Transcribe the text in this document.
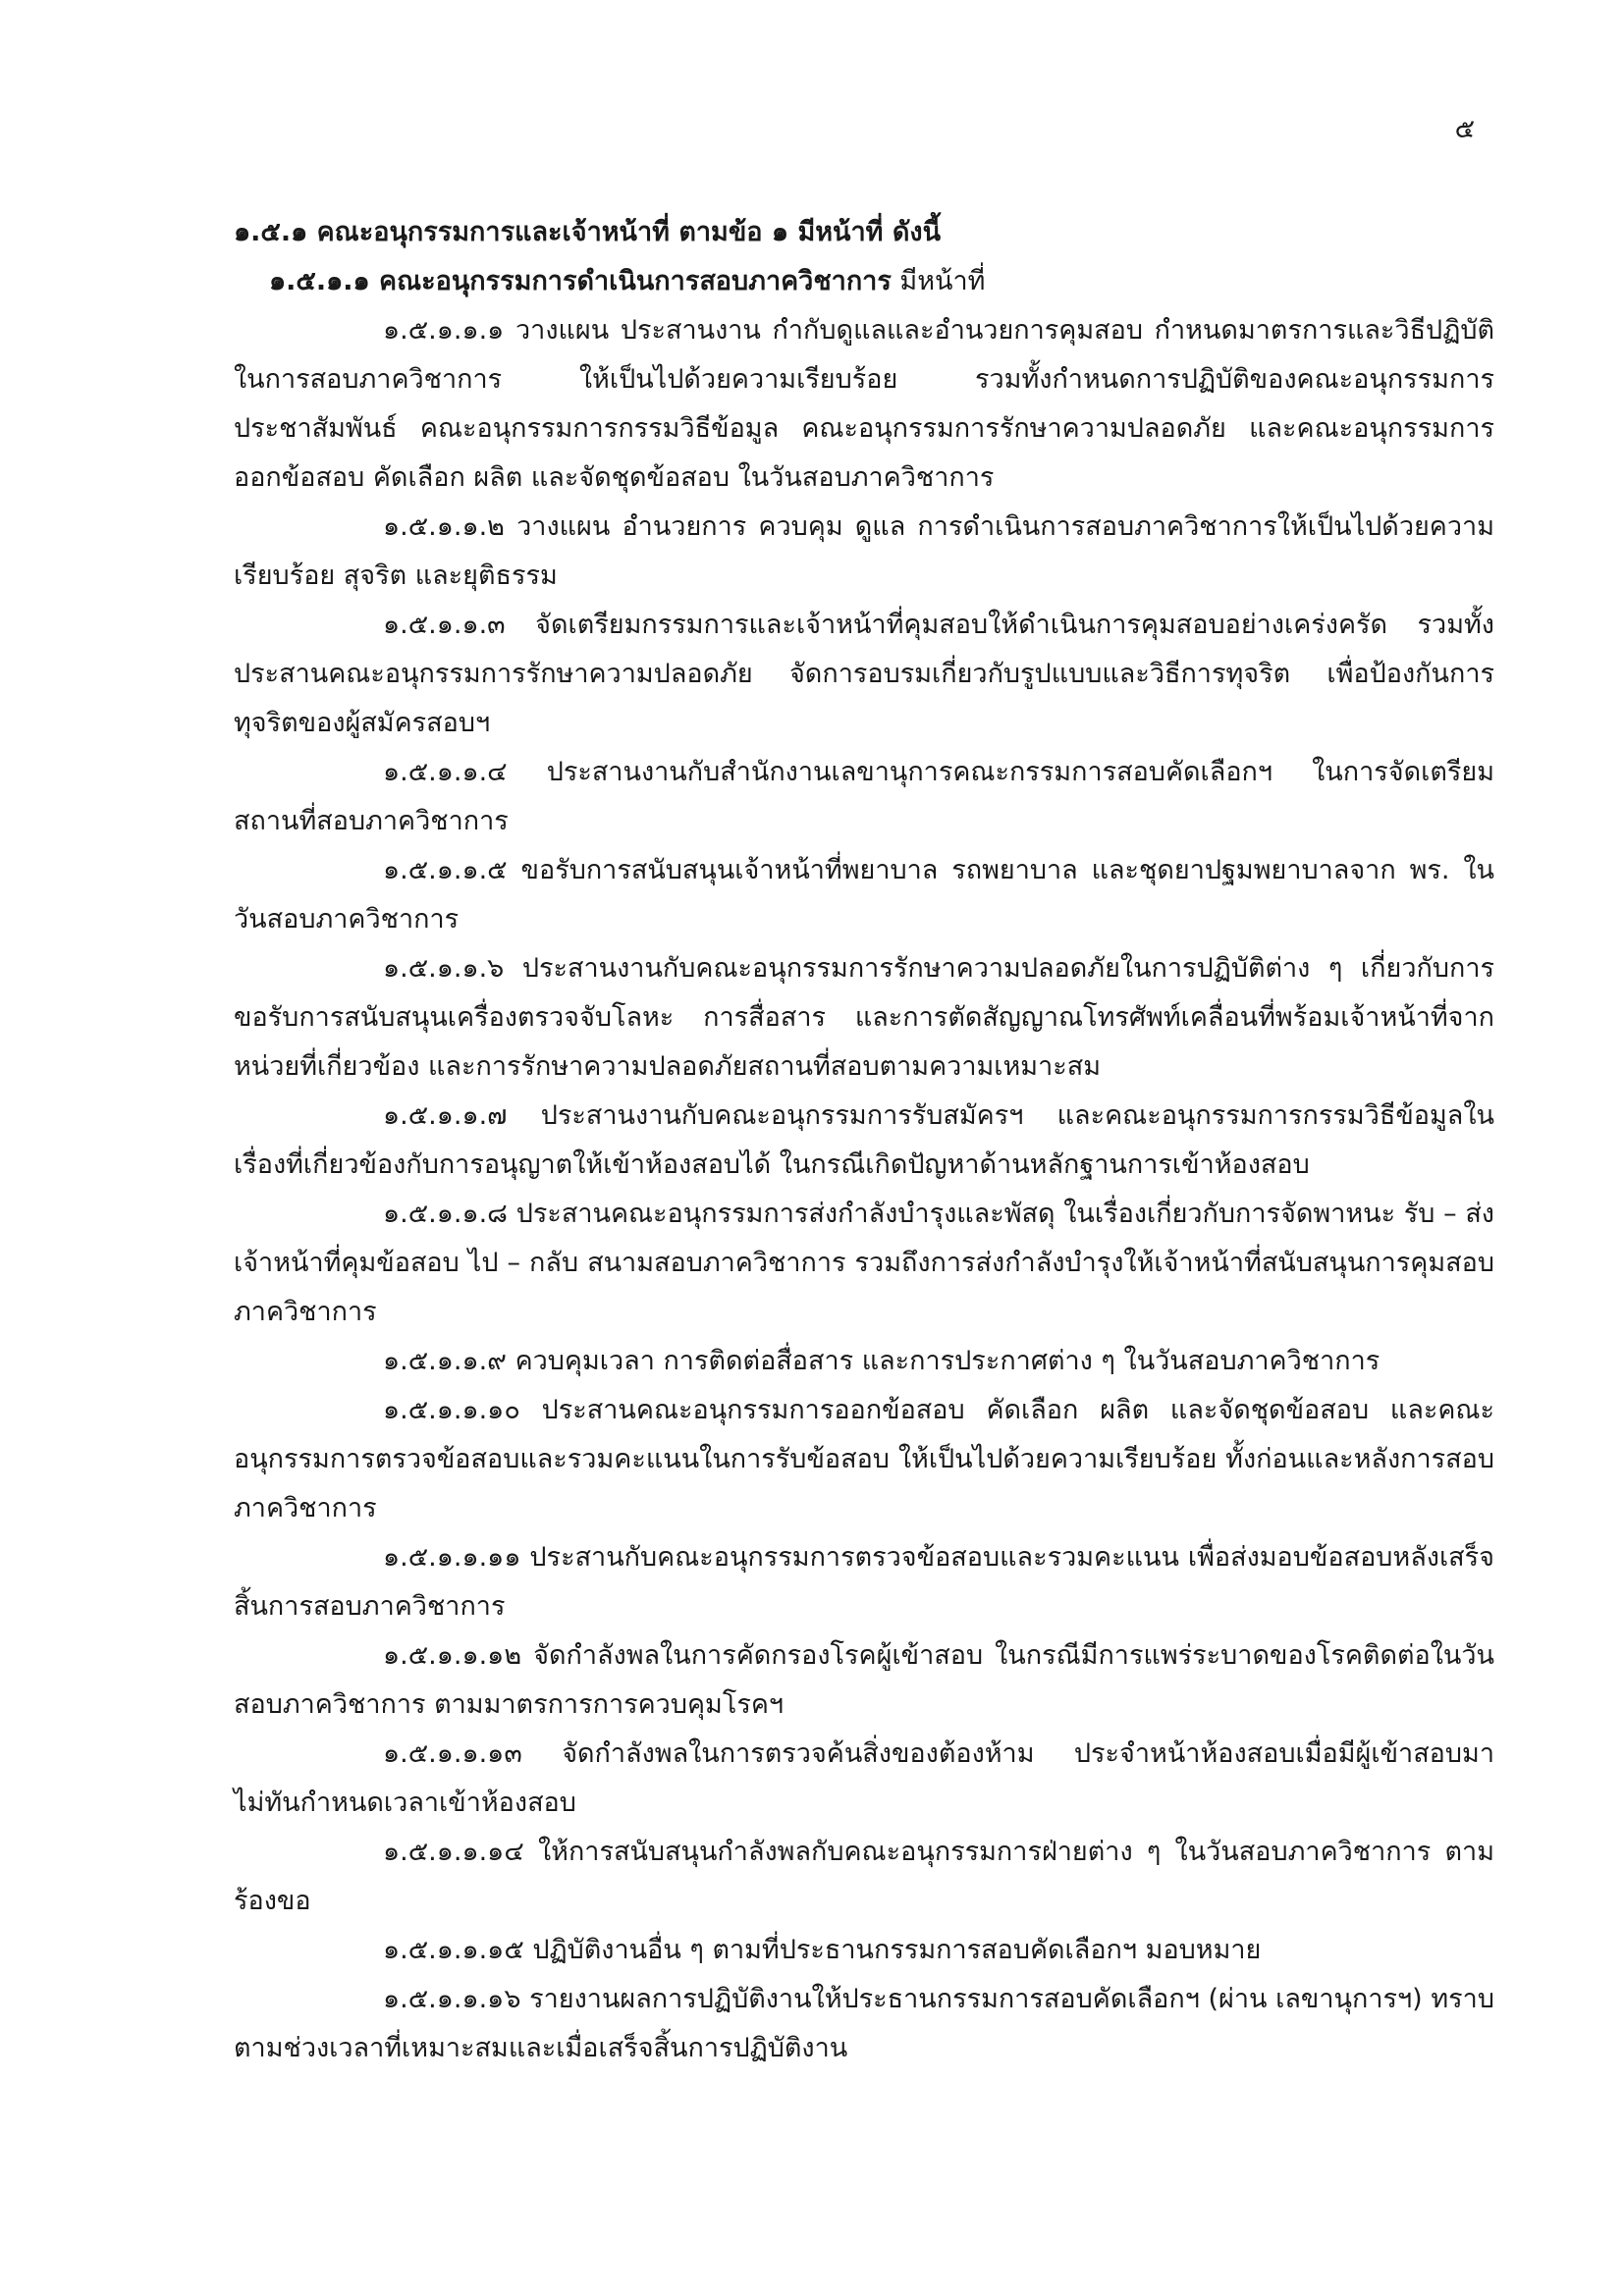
๕

๑.๕.๑ คณะอนุกรรมการและเจ้าหน้าที่ ตามข้อ ๑ มีหน้าที่ ดังนี้

๑.๕.๑.๑ คณะอนุกรรมการดำเนินการสอบภาควิชาการ มีหน้าที่

๑.๕.๑.๑.๑ วางแผน ประสานงาน กำกับดูแลและอำนวยการคุมสอบ กำหนดมาตรการและวิธีปฏิบัติในการสอบภาควิชาการ ให้เป็นไปด้วยความเรียบร้อย รวมทั้งกำหนดการปฏิบัติของคณะอนุกรรมการประชาสัมพันธ์ คณะอนุกรรมการกรรมวิธีข้อมูล คณะอนุกรรมการรักษาความปลอดภัย และคณะอนุกรรมการออกข้อสอบ คัดเลือก ผลิต และจัดชุดข้อสอบ ในวันสอบภาควิชาการ

๑.๕.๑.๑.๒ วางแผน อำนวยการ ควบคุม ดูแล การดำเนินการสอบภาควิชาการให้เป็นไปด้วยความเรียบร้อย สุจริต และยุติธรรม

๑.๕.๑.๑.๓ จัดเตรียมกรรมการและเจ้าหน้าที่คุมสอบให้ดำเนินการคุมสอบอย่างเคร่งครัด รวมทั้งประสานคณะอนุกรรมการรักษาความปลอดภัย จัดการอบรมเกี่ยวกับรูปแบบและวิธีการทุจริต เพื่อป้องกันการทุจริตของผู้สมัครสอบฯ

๑.๕.๑.๑.๔ ประสานงานกับสำนักงานเลขานุการคณะกรรมการสอบคัดเลือกฯ ในการจัดเตรียมสถานที่สอบภาควิชาการ

๑.๕.๑.๑.๕ ขอรับการสนับสนุนเจ้าหน้าที่พยาบาล รถพยาบาล และชุดยาปฐมพยาบาลจาก พร. ในวันสอบภาควิชาการ

๑.๕.๑.๑.๖ ประสานงานกับคณะอนุกรรมการรักษาความปลอดภัยในการปฏิบัติต่าง ๆ เกี่ยวกับการขอรับการสนับสนุนเครื่องตรวจจับโลหะ การสื่อสาร และการตัดสัญญาณโทรศัพท์เคลื่อนที่พร้อมเจ้าหน้าที่จากหน่วยที่เกี่ยวข้อง และการรักษาความปลอดภัยสถานที่สอบตามความเหมาะสม

๑.๕.๑.๑.๗ ประสานงานกับคณะอนุกรรมการรับสมัครฯ และคณะอนุกรรมการกรรมวิธีข้อมูลในเรื่องที่เกี่ยวข้องกับการอนุญาตให้เข้าห้องสอบได้ ในกรณีเกิดปัญหาด้านหลักฐานการเข้าห้องสอบ

๑.๕.๑.๑.๘ ประสานคณะอนุกรรมการส่งกำลังบำรุงและพัสดุ ในเรื่องเกี่ยวกับการจัดพาหนะ รับ – ส่ง เจ้าหน้าที่คุมข้อสอบ ไป – กลับ สนามสอบภาควิชาการ รวมถึงการส่งกำลังบำรุงให้เจ้าหน้าที่สนับสนุนการคุมสอบภาควิชาการ

๑.๕.๑.๑.๙ ควบคุมเวลา การติดต่อสื่อสาร และการประกาศต่าง ๆ ในวันสอบภาควิชาการ

๑.๕.๑.๑.๑๐ ประสานคณะอนุกรรมการออกข้อสอบ คัดเลือก ผลิต และจัดชุดข้อสอบ และคณะอนุกรรมการตรวจข้อสอบและรวมคะแนนในการรับข้อสอบ ให้เป็นไปด้วยความเรียบร้อย ทั้งก่อนและหลังการสอบภาควิชาการ

๑.๕.๑.๑.๑๑ ประสานกับคณะอนุกรรมการตรวจข้อสอบและรวมคะแนน เพื่อส่งมอบข้อสอบหลังเสร็จสิ้นการสอบภาควิชาการ

๑.๕.๑.๑.๑๒ จัดกำลังพลในการคัดกรองโรคผู้เข้าสอบ ในกรณีมีการแพร่ระบาดของโรคติดต่อในวันสอบภาควิชาการ ตามมาตรการการควบคุมโรคฯ

๑.๕.๑.๑.๑๓ จัดกำลังพลในการตรวจค้นสิ่งของต้องห้าม ประจำหน้าห้องสอบเมื่อมีผู้เข้าสอบมาไม่ทันกำหนดเวลาเข้าห้องสอบ

๑.๕.๑.๑.๑๔ ให้การสนับสนุนกำลังพลกับคณะอนุกรรมการฝ่ายต่าง ๆ ในวันสอบภาควิชาการ ตามร้องขอ

๑.๕.๑.๑.๑๕ ปฏิบัติงานอื่น ๆ ตามที่ประธานกรรมการสอบคัดเลือกฯ มอบหมาย

๑.๕.๑.๑.๑๖ รายงานผลการปฏิบัติงานให้ประธานกรรมการสอบคัดเลือกฯ (ผ่าน เลขานุการฯ) ทราบ ตามช่วงเวลาที่เหมาะสมและเมื่อเสร็จสิ้นการปฏิบัติงาน
